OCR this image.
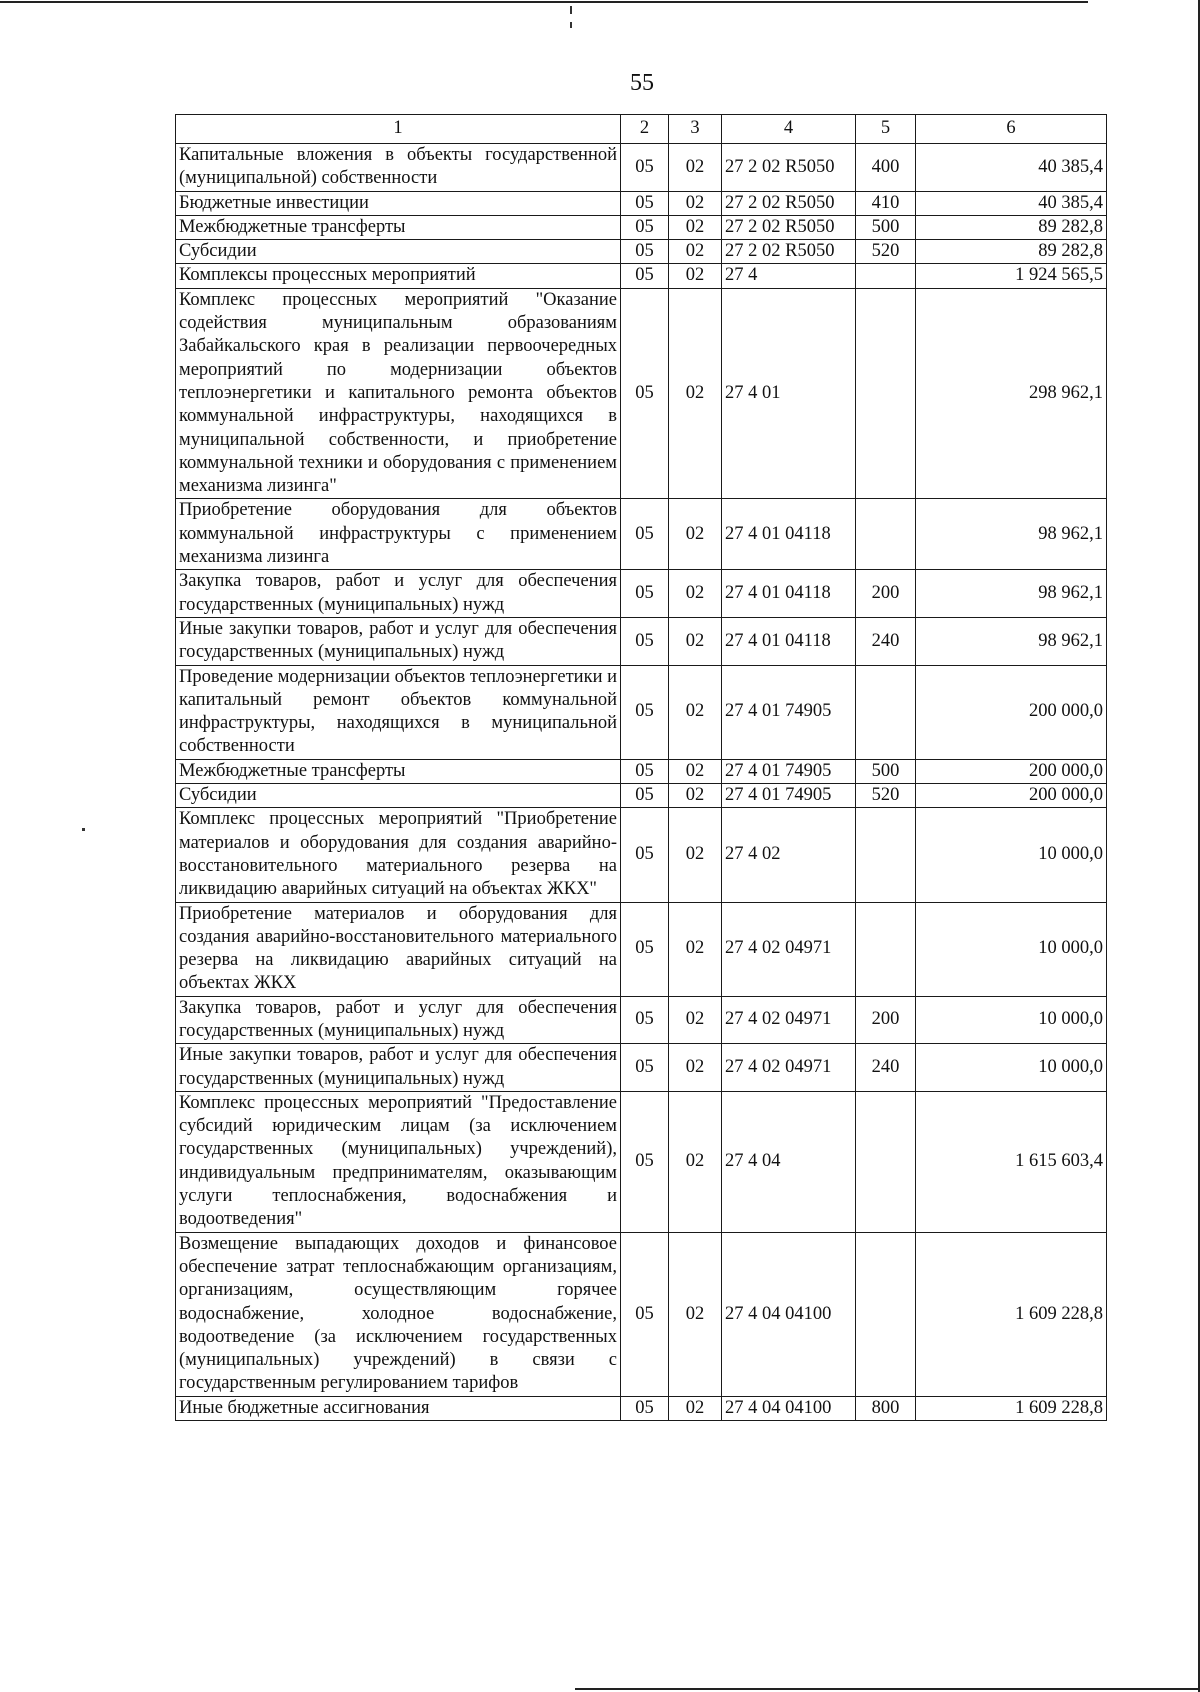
55
1	2	3	4	5	6
Капитальные вложения в объекты государственной (муниципальной) собственности	05	02	27 2 02 R5050	400	40 385,4
Бюджетные инвестиции	05	02	27 2 02 R5050	410	40 385,4
Межбюджетные трансферты	05	02	27 2 02 R5050	500	89 282,8
Субсидии	05	02	27 2 02 R5050	520	89 282,8
Комплексы процессных мероприятий	05	02	27 4		1 924 565,5
Комплекс процессных мероприятий "Оказание содействия муниципальным образованиям Забайкальского края в реализации первоочередных мероприятий по модернизации объектов теплоэнергетики и капитального ремонта объектов коммунальной инфраструктуры, находящихся в муниципальной собственности, и приобретение коммунальной техники и оборудования с применением механизма лизинга"	05	02	27 4 01		298 962,1
Приобретение оборудования для объектов коммунальной инфраструктуры с применением механизма лизинга	05	02	27 4 01 04118		98 962,1
Закупка товаров, работ и услуг для обеспечения государственных (муниципальных) нужд	05	02	27 4 01 04118	200	98 962,1
Иные закупки товаров, работ и услуг для обеспечения государственных (муниципальных) нужд	05	02	27 4 01 04118	240	98 962,1
Проведение модернизации объектов теплоэнергетики и капитальный ремонт объектов коммунальной инфраструктуры, находящихся в муниципальной собственности	05	02	27 4 01 74905		200 000,0
Межбюджетные трансферты	05	02	27 4 01 74905	500	200 000,0
Субсидии	05	02	27 4 01 74905	520	200 000,0
Комплекс процессных мероприятий "Приобретение материалов и оборудования для создания аварийно-восстановительного материального резерва на ликвидацию аварийных ситуаций на объектах ЖКХ"	05	02	27 4 02		10 000,0
Приобретение материалов и оборудования для создания аварийно-восстановительного материального резерва на ликвидацию аварийных ситуаций на объектах ЖКХ	05	02	27 4 02 04971		10 000,0
Закупка товаров, работ и услуг для обеспечения государственных (муниципальных) нужд	05	02	27 4 02 04971	200	10 000,0
Иные закупки товаров, работ и услуг для обеспечения государственных (муниципальных) нужд	05	02	27 4 02 04971	240	10 000,0
Комплекс процессных мероприятий "Предоставление субсидий юридическим лицам (за исключением государственных (муниципальных) учреждений), индивидуальным предпринимателям, оказывающим услуги теплоснабжения, водоснабжения и водоотведения"	05	02	27 4 04		1 615 603,4
Возмещение выпадающих доходов и финансовое обеспечение затрат теплоснабжающим организациям, организациям, осуществляющим горячее водоснабжение, холодное водоснабжение, водоотведение (за исключением государственных (муниципальных) учреждений) в связи с государственным регулированием тарифов	05	02	27 4 04 04100		1 609 228,8
Иные бюджетные ассигнования	05	02	27 4 04 04100	800	1 609 228,8
